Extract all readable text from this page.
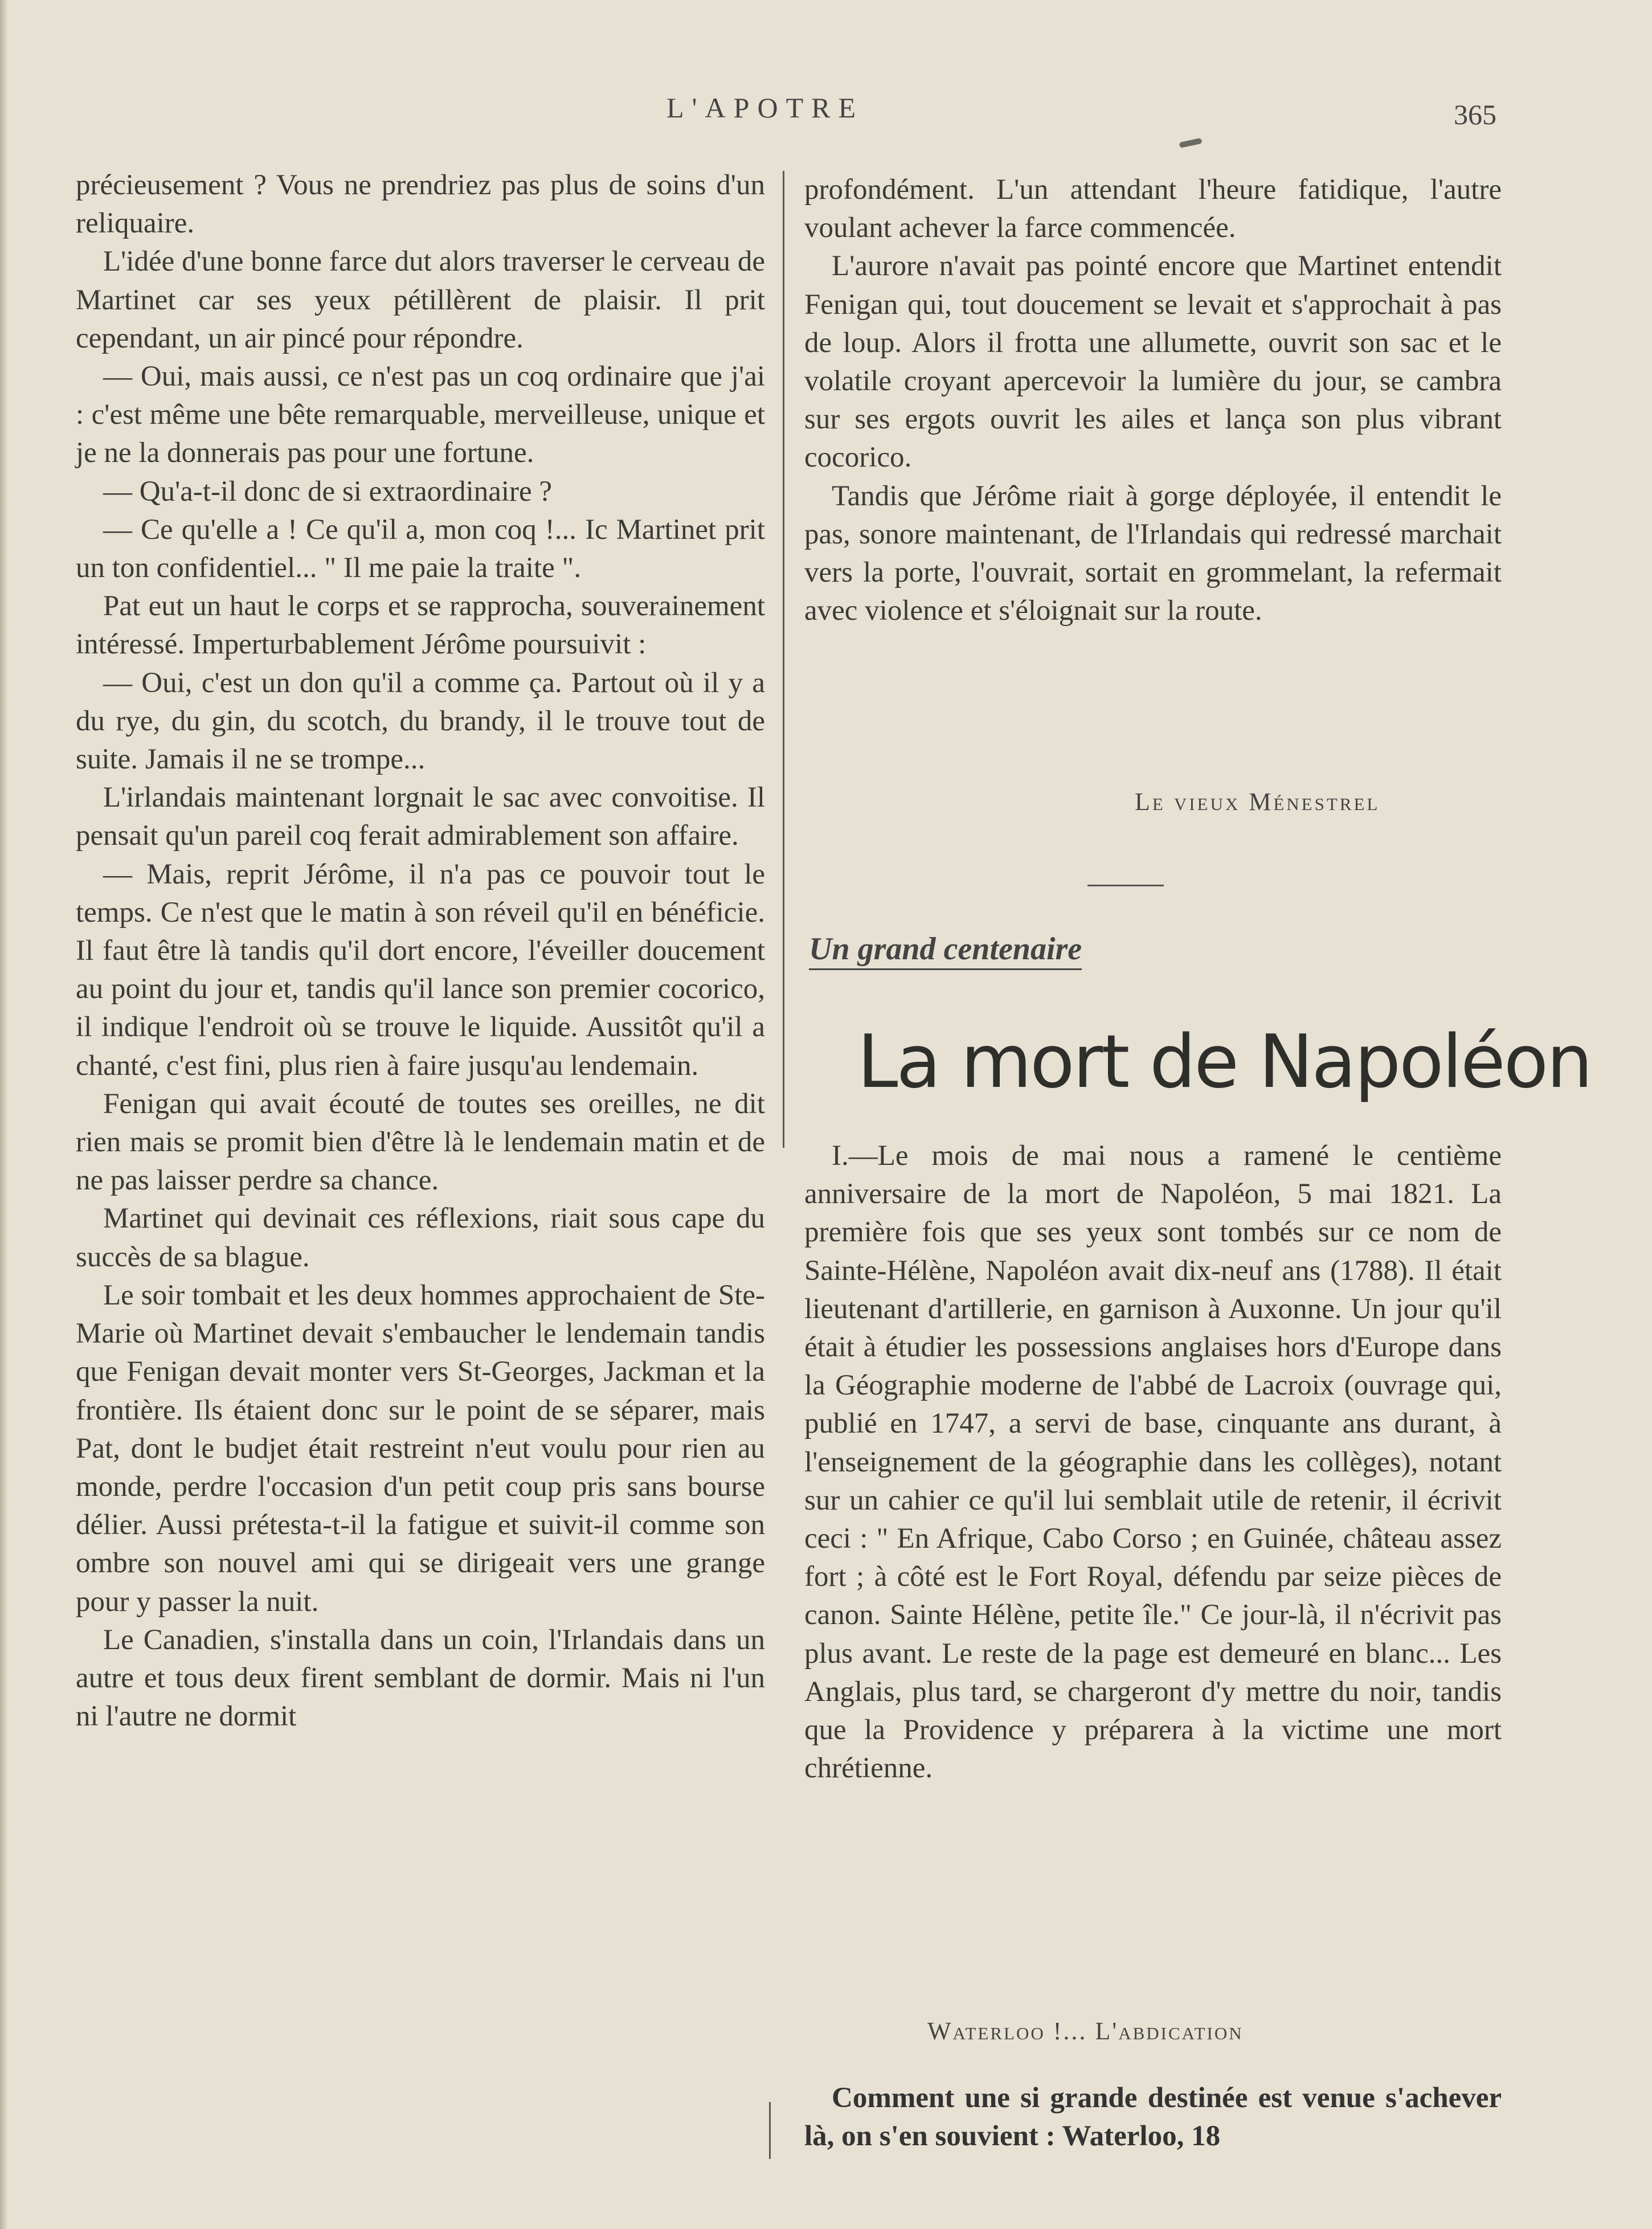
L'APOTRE	365

précieusement ? Vous ne prendriez pas plus de soins d'un reliquaire.

L'idée d'une bonne farce dut alors traverser le cerveau de Martinet car ses yeux pétillèrent de plaisir. Il prit cependant, un air pincé pour répondre.

— Oui, mais aussi, ce n'est pas un coq ordinaire que j'ai : c'est même une bête remarquable, merveilleuse, unique et je ne la donnerais pas pour une fortune.

— Qu'a-t-il donc de si extraordinaire ?

— Ce qu'elle a ! Ce qu'il a, mon coq !... Ic Martinet prit un ton confidentiel... " Il me paie la traite ".

Pat eut un haut le corps et se rapprocha, souverainement intéressé. Imperturbablement Jérôme poursuivit :

— Oui, c'est un don qu'il a comme ça. Partout où il y a du rye, du gin, du scotch, du brandy, il le trouve tout de suite. Jamais il ne se trompe...

L'irlandais maintenant lorgnait le sac avec convoitise. Il pensait qu'un pareil coq ferait admirablement son affaire.

— Mais, reprit Jérôme, il n'a pas ce pouvoir tout le temps. Ce n'est que le matin à son réveil qu'il en bénéficie. Il faut être là tandis qu'il dort encore, l'éveiller doucement au point du jour et, tandis qu'il lance son premier cocorico, il indique l'endroit où se trouve le liquide. Aussitôt qu'il a chanté, c'est fini, plus rien à faire jusqu'au lendemain.

Fenigan qui avait écouté de toutes ses oreilles, ne dit rien mais se promit bien d'être là le lendemain matin et de ne pas laisser perdre sa chance.

Martinet qui devinait ces réflexions, riait sous cape du succès de sa blague.

Le soir tombait et les deux hommes approchaient de Ste-Marie où Martinet devait s'embaucher le lendemain tandis que Fenigan devait monter vers St-Georges, Jackman et la frontière. Ils étaient donc sur le point de se séparer, mais Pat, dont le budjet était restreint n'eut voulu pour rien au monde, perdre l'occasion d'un petit coup pris sans bourse délier. Aussi prétesta-t-il la fatigue et suivit-il comme son ombre son nouvel ami qui se dirigeait vers une grange pour y passer la nuit.

Le Canadien, s'installa dans un coin, l'Irlandais dans un autre et tous deux firent semblant de dormir. Mais ni l'un ni l'autre ne dormit

profondément. L'un attendant l'heure fatidique, l'autre voulant achever la farce commencée.

L'aurore n'avait pas pointé encore que Martinet entendit Fenigan qui, tout doucement se levait et s'approchait à pas de loup. Alors il frotta une allumette, ouvrit son sac et le volatile croyant apercevoir la lumière du jour, se cambra sur ses ergots ouvrit les ailes et lança son plus vibrant cocorico.

Tandis que Jérôme riait à gorge déployée, il entendit le pas, sonore maintenant, de l'Irlandais qui redressé marchait vers la porte, l'ouvrait, sortait en grommelant, la refermait avec violence et s'éloignait sur la route.

Le vieux Ménestrel
Un grand centenaire
La mort de Napoléon

I.—Le mois de mai nous a ramené le centième anniversaire de la mort de Napoléon, 5 mai 1821. La première fois que ses yeux sont tombés sur ce nom de Sainte-Hélène, Napoléon avait dix-neuf ans (1788). Il était lieutenant d'artillerie, en garnison à Auxonne. Un jour qu'il était à étudier les possessions anglaises hors d'Europe dans la Géographie moderne de l'abbé de Lacroix (ouvrage qui, publié en 1747, a servi de base, cinquante ans durant, à l'enseignement de la géographie dans les collèges), notant sur un cahier ce qu'il lui semblait utile de retenir, il écrivit ceci : " En Afrique, Cabo Corso ; en Guinée, château assez fort ; à côté est le Fort Royal, défendu par seize pièces de canon. Sainte Hélène, petite île." Ce jour-là, il n'écrivit pas plus avant. Le reste de la page est demeuré en blanc... Les Anglais, plus tard, se chargeront d'y mettre du noir, tandis que la Providence y préparera à la victime une mort chrétienne.

Waterloo !... L'abdication
Comment une si grande destinée est venue s'achever là, on s'en souvient : Waterloo, 18
